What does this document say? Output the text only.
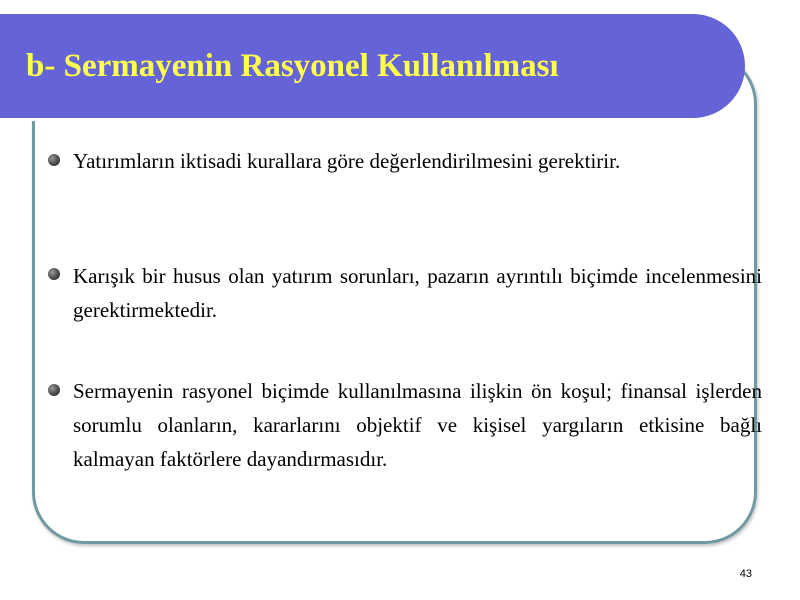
b- Sermayenin Rasyonel Kullanılması
Yatırımların iktisadi kurallara göre değerlendirilmesini gerektirir.
Karışık bir husus olan yatırım sorunları, pazarın ayrıntılı biçimde incelenmesini gerektirmektedir.
Sermayenin rasyonel biçimde kullanılmasına ilişkin ön koşul; finansal işlerden sorumlu olanların, kararlarını objektif ve kişisel yargıların etkisine bağlı kalmayan faktörlere dayandırmasıdır.
43
